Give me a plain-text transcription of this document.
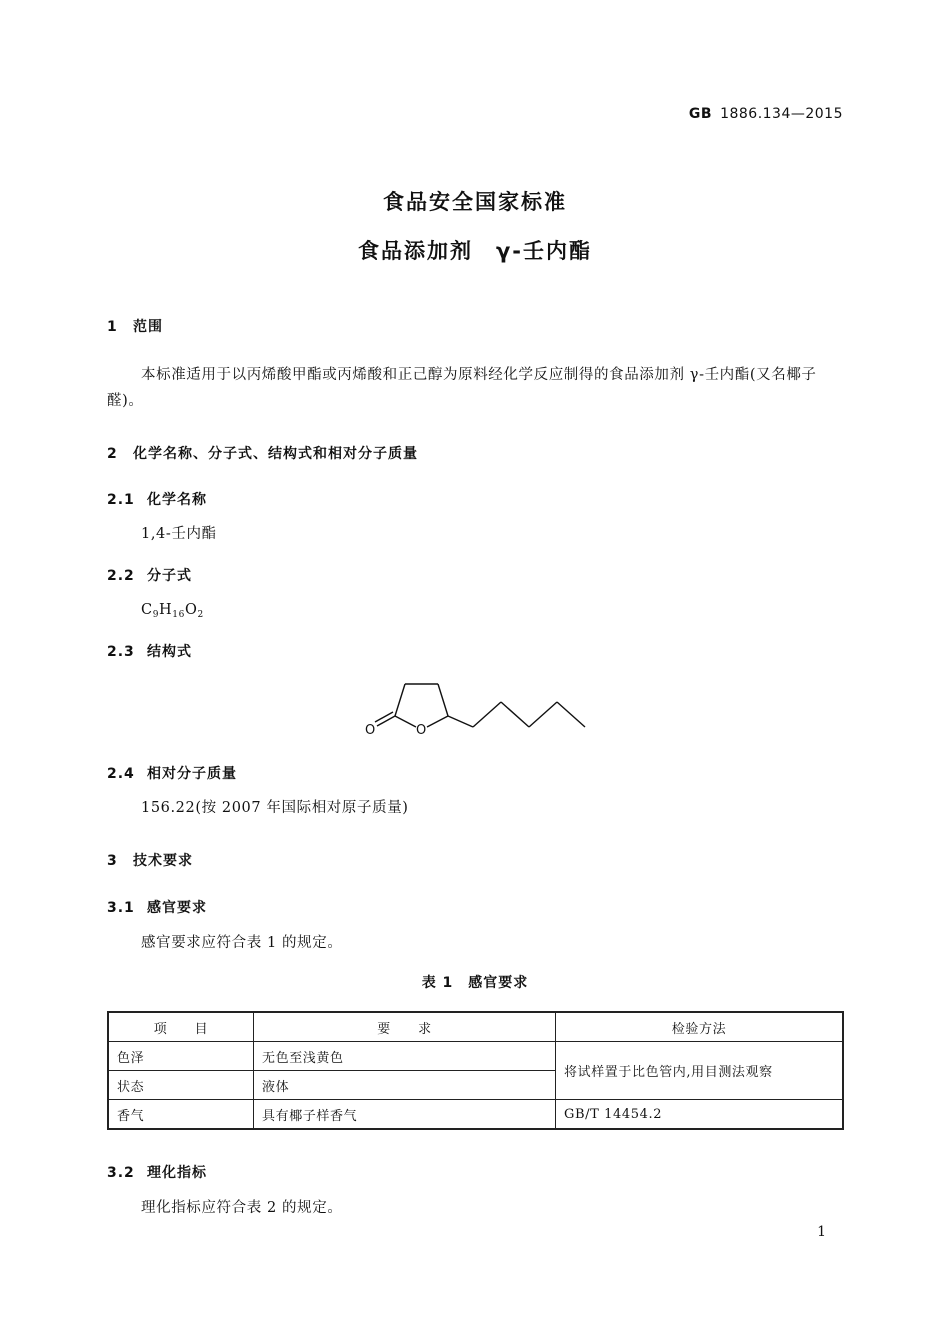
GB 1886.134—2015
食品安全国家标准
食品添加剂　γ-壬内酯
1 范围
本标准适用于以丙烯酸甲酯或丙烯酸和正己醇为原料经化学反应制得的食品添加剂 γ-壬内酯(又名椰子醛)。
2 化学名称、分子式、结构式和相对分子质量
2.1 化学名称
1,4-壬内酯
2.2 分子式
$C_9H_{16}O_2$
2.3 结构式
O	O
2.4 相对分子质量
156.22(按 2007 年国际相对原子质量)
3 技术要求
3.1 感官要求
感官要求应符合表 1 的规定。
表 1　感官要求
项　　目	要　　求	检验方法
色泽	无色至浅黄色	将试样置于比色管内,用目测法观察
状态	液体	
香气	具有椰子样香气	GB/T 14454.2
3.2 理化指标
理化指标应符合表 2 的规定。
1
